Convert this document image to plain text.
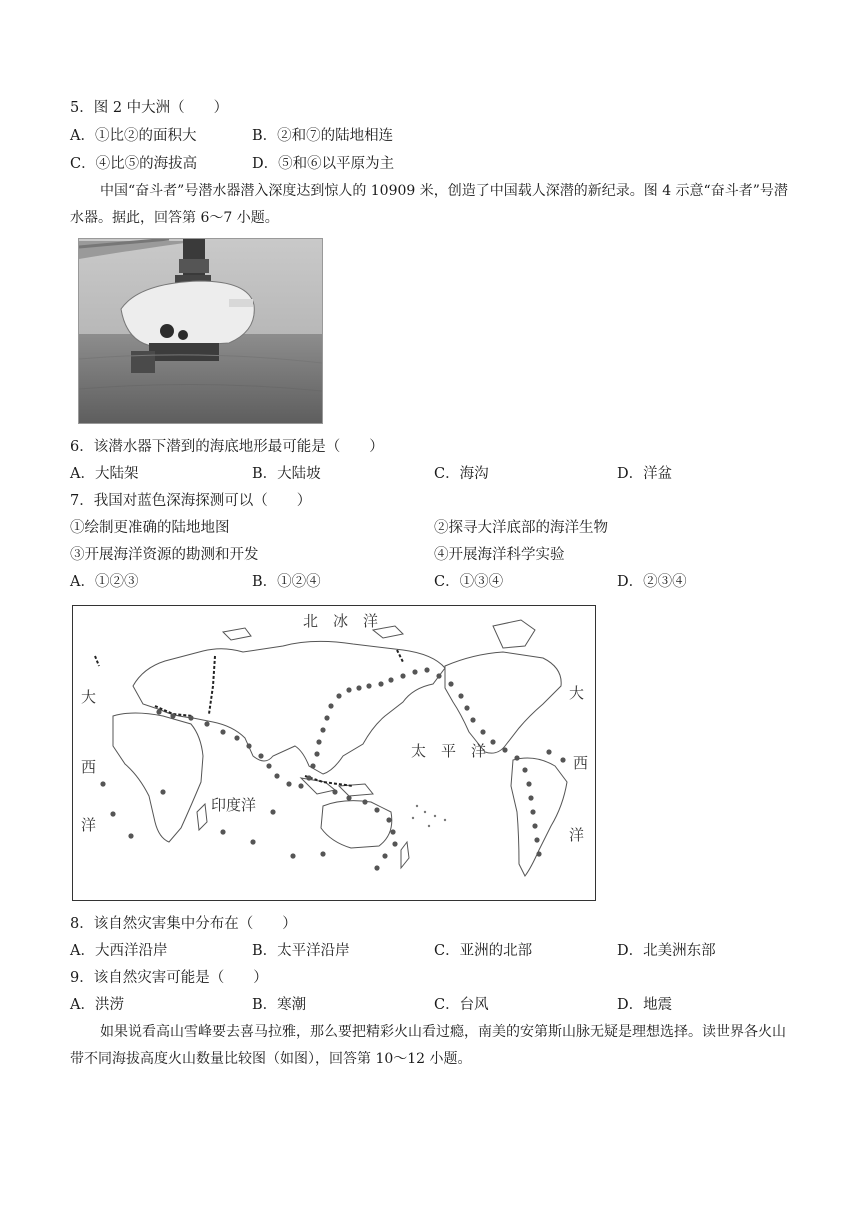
5．图 2 中大洲（　　）
A．①比②的面积大	B．②和⑦的陆地相连
C．④比⑤的海拔高	D．⑤和⑥以平原为主
中国“奋斗者”号潜水器潜入深度达到惊人的 10909 米，创造了中国载人深潜的新纪录。图 4 示意“奋斗者”号潜水器。据此，回答第 6～7 小题。
6．该潜水器下潜到的海底地形最可能是（　　）
A．大陆架	B．大陆坡	C．海沟	D．洋盆
7．我国对蓝色深海探测可以（　　）
①绘制更准确的陆地地图	②探寻大洋底部的海洋生物
③开展海洋资源的勘测和开发	④开展海洋科学实验
A．①②③	B．①②④	C．①③④	D．②③④
北　冰　洋
大
西
洋
大
西
洋
印度洋
太　平　洋
8．该自然灾害集中分布在（　　）
A．大西洋沿岸	B．太平洋沿岸	C．亚洲的北部	D．北美洲东部
9．该自然灾害可能是（　　）
A．洪涝	B．寒潮	C．台风	D．地震
如果说看高山雪峰要去喜马拉雅，那么要把精彩火山看过瘾，南美的安第斯山脉无疑是理想选择。读世界各火山带不同海拔高度火山数量比较图（如图），回答第 10～12 小题。
